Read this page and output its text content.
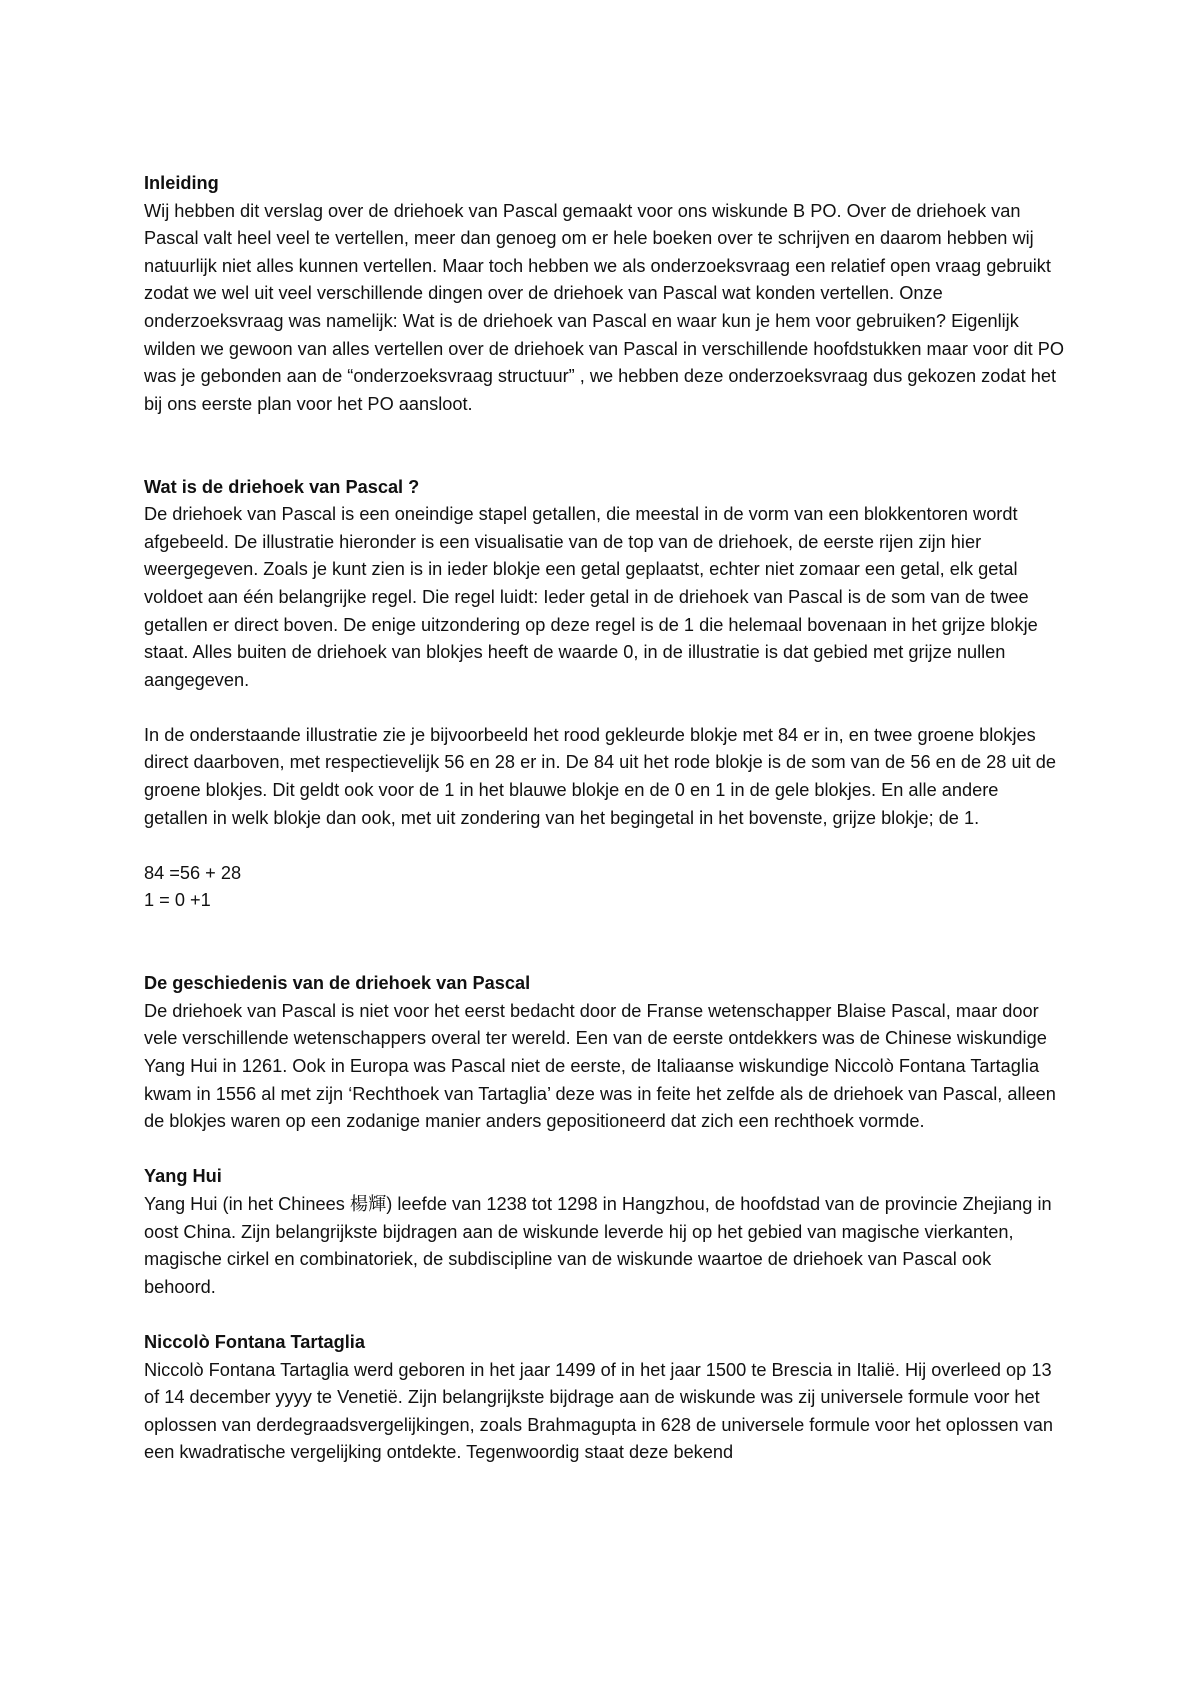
Inleiding

Wij hebben dit verslag over de driehoek van Pascal gemaakt voor ons wiskunde B PO. Over de driehoek van Pascal valt heel veel te vertellen, meer dan genoeg om er hele boeken over te schrijven en daarom hebben wij natuurlijk niet alles kunnen vertellen. Maar toch hebben we als onderzoeksvraag een relatief open vraag gebruikt zodat we wel uit veel verschillende dingen over de driehoek van Pascal wat konden vertellen. Onze onderzoeksvraag was namelijk: Wat is de driehoek van Pascal en waar kun je hem voor gebruiken? Eigenlijk wilden we gewoon van alles vertellen over de driehoek van Pascal in verschillende hoofdstukken maar voor dit PO was je gebonden aan de “onderzoeksvraag structuur” , we hebben deze onderzoeksvraag dus gekozen zodat het bij ons eerste plan voor het PO aansloot.

Wat is de driehoek van Pascal ?

De driehoek van Pascal is een oneindige stapel getallen, die meestal in de vorm van een blokkentoren wordt afgebeeld. De illustratie hieronder is een visualisatie van de top van de driehoek, de eerste rijen zijn hier weergegeven. Zoals je kunt zien is in ieder blokje een getal geplaatst, echter niet zomaar een getal, elk getal voldoet aan één belangrijke regel. Die regel luidt: Ieder getal in de driehoek van Pascal is de som van de twee getallen er direct boven. De enige uitzondering op deze regel is de 1 die helemaal bovenaan in het grijze blokje staat. Alles buiten de driehoek van blokjes heeft de waarde 0, in de illustratie is dat gebied met grijze nullen aangegeven.

In de onderstaande illustratie zie je bijvoorbeeld het rood gekleurde blokje met 84 er in, en twee groene blokjes direct daarboven, met respectievelijk 56 en 28 er in. De 84 uit het rode blokje is de som van de 56 en de 28 uit de groene blokjes. Dit geldt ook voor de 1 in het blauwe blokje en de 0 en 1 in de gele blokjes. En alle andere getallen in welk blokje dan ook, met uit zondering van het begingetal in het bovenste, grijze blokje; de 1.

84 =56 + 28

1 = 0 +1

De geschiedenis van de driehoek van Pascal

De driehoek van Pascal is niet voor het eerst bedacht door de Franse wetenschapper Blaise Pascal, maar door vele verschillende wetenschappers overal ter wereld. Een van de eerste ontdekkers was de Chinese wiskundige Yang Hui in 1261. Ook in Europa was Pascal niet de eerste, de Italiaanse wiskundige Niccolò Fontana Tartaglia kwam in 1556 al met zijn ‘Rechthoek van Tartaglia’ deze was in feite het zelfde als de driehoek van Pascal, alleen de blokjes waren op een zodanige manier anders gepositioneerd dat zich een rechthoek vormde.

Yang Hui

Yang Hui (in het Chinees 楊輝) leefde van 1238 tot 1298 in Hangzhou, de hoofdstad van de provincie Zhejiang in oost China. Zijn belangrijkste bijdragen aan de wiskunde leverde hij op het gebied van magische vierkanten, magische cirkel en combinatoriek, de subdiscipline van de wiskunde waartoe de driehoek van Pascal ook behoord.

Niccolò Fontana Tartaglia

Niccolò Fontana Tartaglia werd geboren in het jaar 1499 of in het jaar 1500 te Brescia in Italië. Hij overleed op 13 of 14 december yyyy te Venetië. Zijn belangrijkste bijdrage aan de wiskunde was zij universele formule voor het oplossen van derdegraadsvergelijkingen, zoals Brahmagupta in 628 de universele formule voor het oplossen van een kwadratische vergelijking ontdekte. Tegenwoordig staat deze bekend
